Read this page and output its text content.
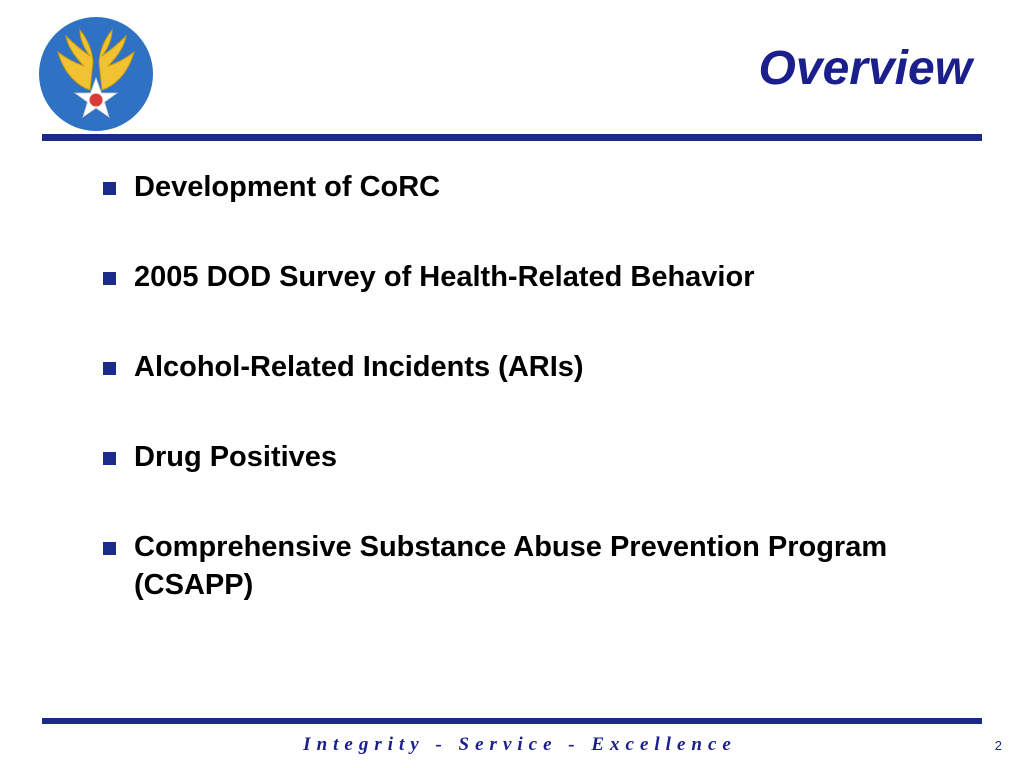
Overview
Development of CoRC
2005 DOD Survey of Health-Related Behavior
Alcohol-Related Incidents (ARIs)
Drug Positives
Comprehensive Substance Abuse Prevention Program (CSAPP)
Integrity - Service - Excellence	2
